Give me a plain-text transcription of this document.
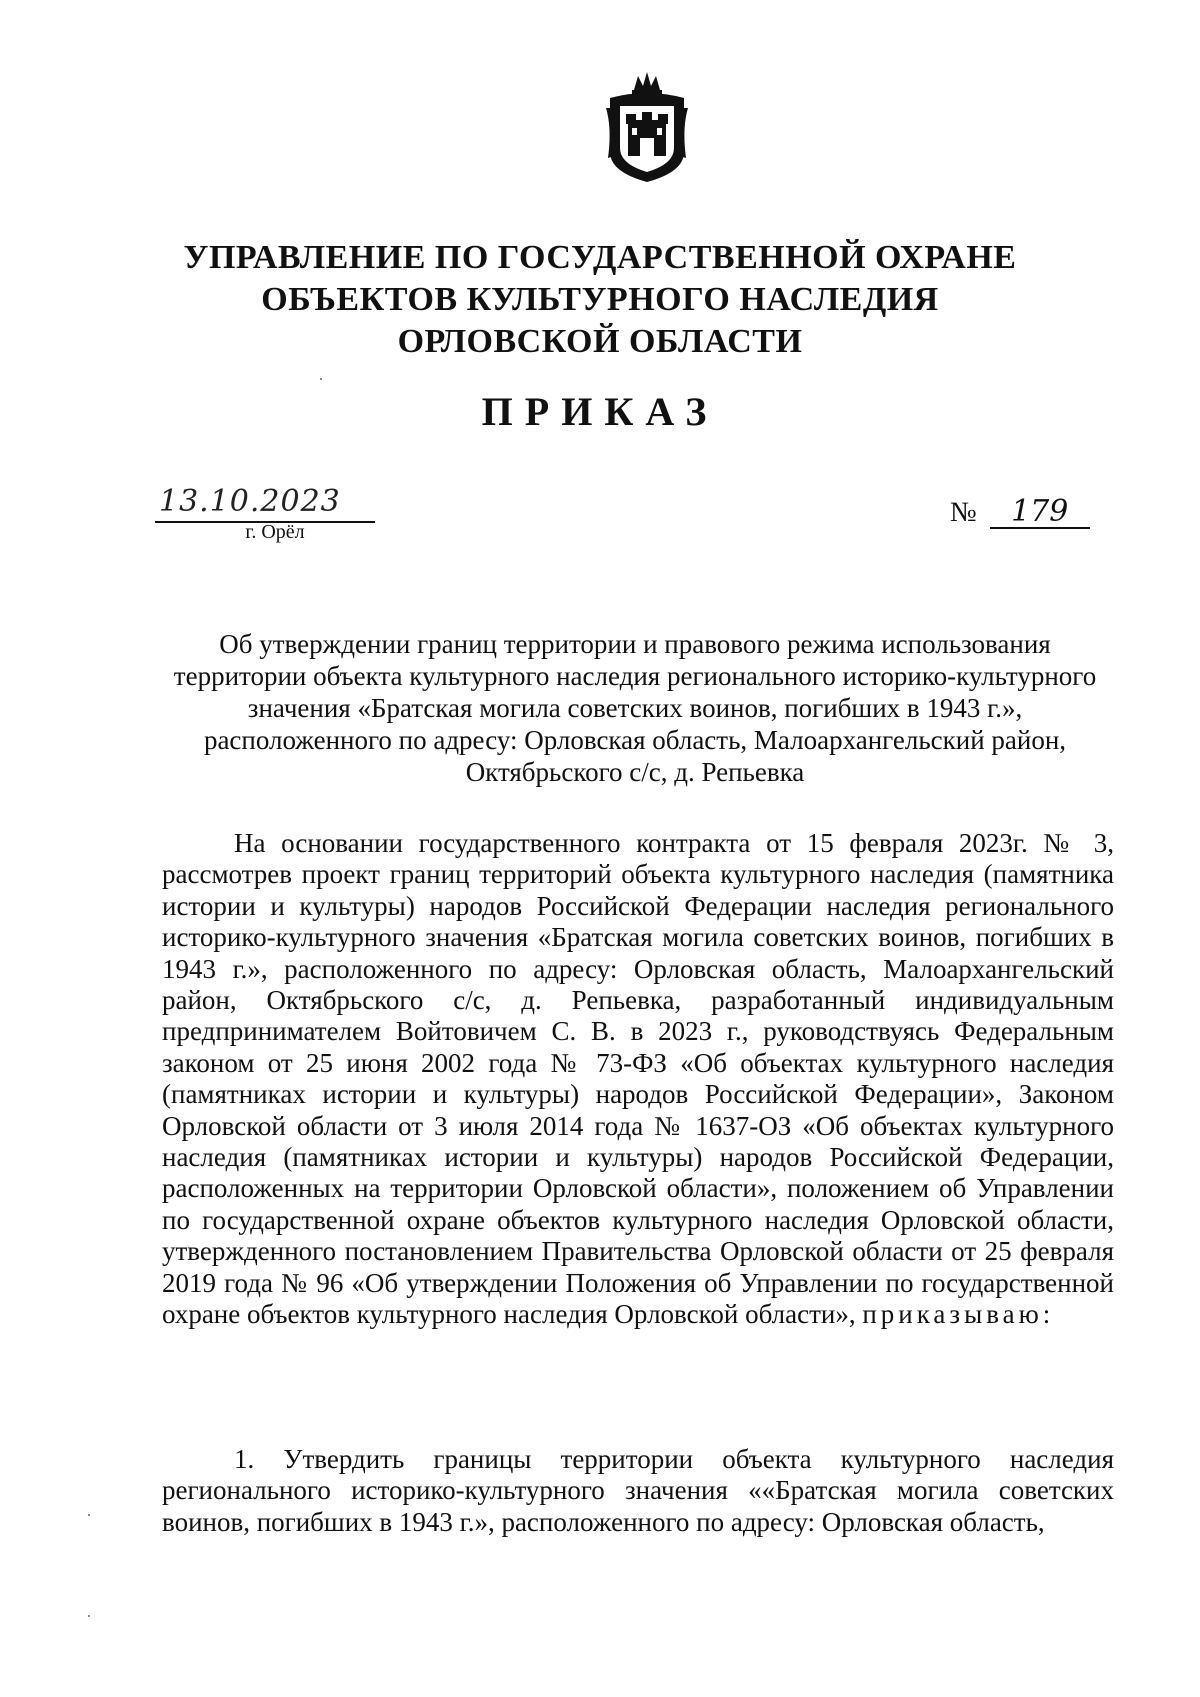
УПРАВЛЕНИЕ ПО ГОСУДАРСТВЕННОЙ ОХРАНЕ
ОБЪЕКТОВ КУЛЬТУРНОГО НАСЛЕДИЯ
ОРЛОВСКОЙ ОБЛАСТИ
ПРИКАЗ
13.10.2023
г. Орёл
№ 179
Об утверждении границ территории и правового режима использования
территории объекта культурного наследия регионального историко-культурного
значения «Братская могила советских воинов, погибших в 1943 г.»,
расположенного по адресу: Орловская область, Малоархангельский район,
Октябрьского с/с, д. Репьевка
На основании государственного контракта от 15 февраля 2023г. № 3, рассмотрев проект границ территорий объекта культурного наследия (памятника истории и культуры) народов Российской Федерации наследия регионального историко-культурного значения «Братская могила советских воинов, погибших в 1943 г.», расположенного по адресу: Орловская область, Малоархангельский район, Октябрьского с/с, д. Репьевка, разработанный индивидуальным предпринимателем Войтовичем С. В. в 2023 г., руководствуясь Федеральным законом от 25 июня 2002 года № 73-ФЗ «Об объектах культурного наследия (памятниках истории и культуры) народов Российской Федерации», Законом Орловской области от 3 июля 2014 года № 1637-ОЗ «Об объектах культурного наследия (памятниках истории и культуры) народов Российской Федерации, расположенных на территории Орловской области», положением об Управлении по государственной охране объектов культурного наследия Орловской области, утвержденного постановлением Правительства Орловской области от 25 февраля 2019 года № 96 «Об утверждении Положения об Управлении по государственной охране объектов культурного наследия Орловской области», приказываю:
1. Утвердить границы территории объекта культурного наследия регионального историко-культурного значения ««Братская могила советских воинов, погибших в 1943 г.», расположенного по адресу: Орловская область,
